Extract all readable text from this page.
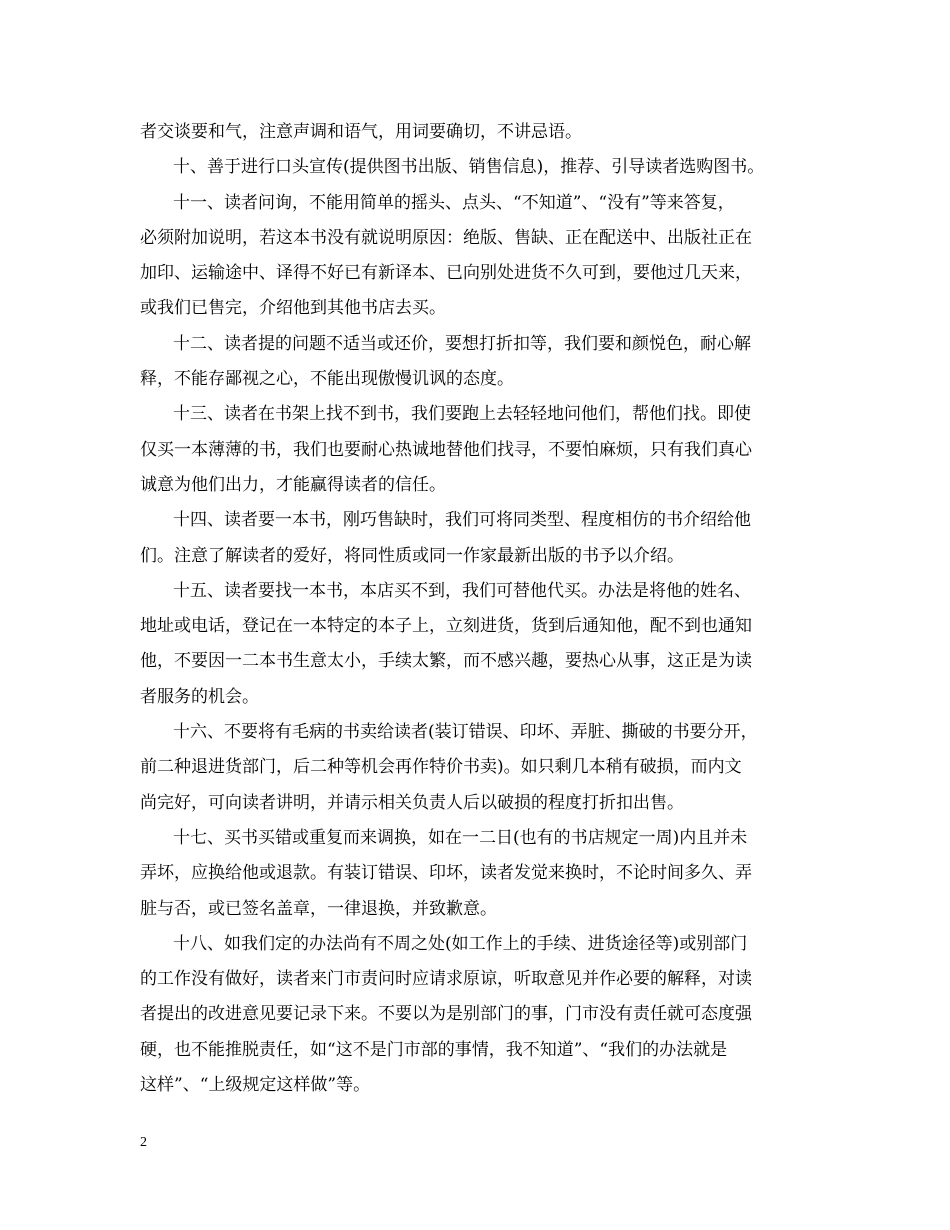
者交谈要和气，注意声调和语气，用词要确切，不讲忌语。
十、善于进行口头宣传(提供图书出版、销售信息)，推荐、引导读者选购图书。
十一、读者问询，不能用简单的摇头、点头、“不知道”、“没有”等来答复，
必须附加说明，若这本书没有就说明原因：绝版、售缺、正在配送中、出版社正在
加印、运输途中、译得不好已有新译本、已向别处进货不久可到，要他过几天来，
或我们已售完，介绍他到其他书店去买。
十二、读者提的问题不适当或还价，要想打折扣等，我们要和颜悦色，耐心解
释，不能存鄙视之心，不能出现傲慢讥讽的态度。
十三、读者在书架上找不到书，我们要跑上去轻轻地问他们，帮他们找。即使
仅买一本薄薄的书，我们也要耐心热诚地替他们找寻，不要怕麻烦，只有我们真心
诚意为他们出力，才能赢得读者的信任。
十四、读者要一本书，刚巧售缺时，我们可将同类型、程度相仿的书介绍给他
们。注意了解读者的爱好，将同性质或同一作家最新出版的书予以介绍。
十五、读者要找一本书，本店买不到，我们可替他代买。办法是将他的姓名、
地址或电话，登记在一本特定的本子上，立刻进货，货到后通知他，配不到也通知
他，不要因一二本书生意太小，手续太繁，而不感兴趣，要热心从事，这正是为读
者服务的机会。
十六、不要将有毛病的书卖给读者(装订错误、印坏、弄脏、撕破的书要分开，
前二种退进货部门，后二种等机会再作特价书卖)。如只剩几本稍有破损，而内文
尚完好，可向读者讲明，并请示相关负责人后以破损的程度打折扣出售。
十七、买书买错或重复而来调换，如在一二日(也有的书店规定一周)内且并未
弄坏，应换给他或退款。有装订错误、印坏，读者发觉来换时，不论时间多久、弄
脏与否，或已签名盖章，一律退换，并致歉意。
十八、如我们定的办法尚有不周之处(如工作上的手续、进货途径等)或别部门
的工作没有做好，读者来门市责问时应请求原谅，听取意见并作必要的解释，对读
者提出的改进意见要记录下来。不要以为是别部门的事，门市没有责任就可态度强
硬，也不能推脱责任，如“这不是门市部的事情，我不知道”、“我们的办法就是
这样”、“上级规定这样做”等。
2
